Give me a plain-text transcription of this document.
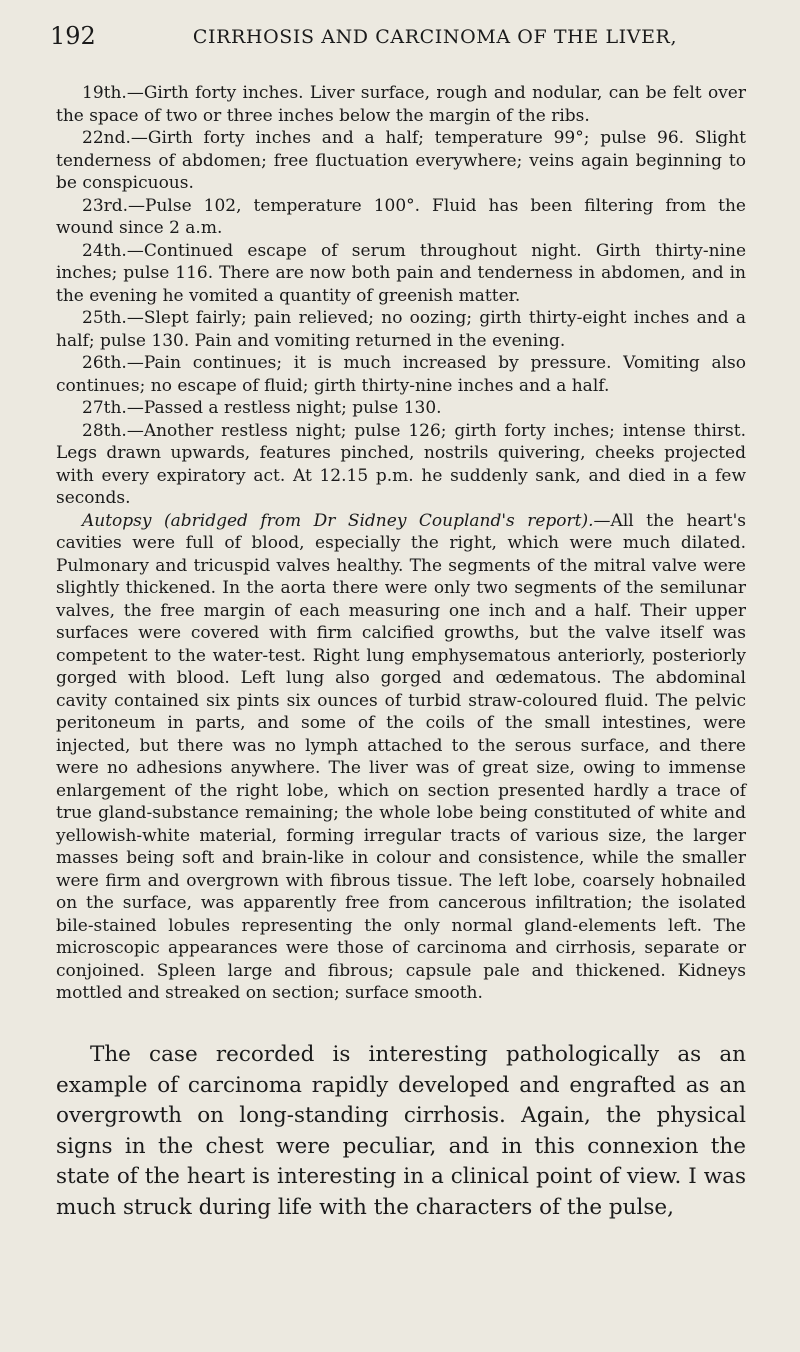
192	CIRRHOSIS AND CARCINOMA OF THE LIVER,

19th.—Girth forty inches. Liver surface, rough and nodular, can be felt over the space of two or three inches below the margin of the ribs.

22nd.—Girth forty inches and a half; temperature 99°; pulse 96. Slight tenderness of abdomen; free fluctuation everywhere; veins again beginning to be conspicuous.

23rd.—Pulse 102, temperature 100°. Fluid has been filtering from the wound since 2 a.m.

24th.—Continued escape of serum throughout night. Girth thirty-nine inches; pulse 116. There are now both pain and tenderness in abdomen, and in the evening he vomited a quantity of greenish matter.

25th.—Slept fairly; pain relieved; no oozing; girth thirty-eight inches and a half; pulse 130. Pain and vomiting returned in the evening.

26th.—Pain continues; it is much increased by pressure. Vomiting also continues; no escape of fluid; girth thirty-nine inches and a half.

27th.—Passed a restless night; pulse 130.

28th.—Another restless night; pulse 126; girth forty inches; intense thirst. Legs drawn upwards, features pinched, nostrils quivering, cheeks projected with every expiratory act. At 12.15 p.m. he suddenly sank, and died in a few seconds.

Autopsy (abridged from Dr Sidney Coupland's report).—All the heart's cavities were full of blood, especially the right, which were much dilated. Pulmonary and tricuspid valves healthy. The segments of the mitral valve were slightly thickened. In the aorta there were only two segments of the semilunar valves, the free margin of each measuring one inch and a half. Their upper surfaces were covered with firm calcified growths, but the valve itself was competent to the water-test. Right lung emphysematous anteriorly, posteriorly gorged with blood. Left lung also gorged and œdematous. The abdominal cavity contained six pints six ounces of turbid straw-coloured fluid. The pelvic peritoneum in parts, and some of the coils of the small intestines, were injected, but there was no lymph attached to the serous surface, and there were no adhesions anywhere. The liver was of great size, owing to immense enlargement of the right lobe, which on section presented hardly a trace of true gland-substance remaining; the whole lobe being constituted of white and yellowish-white material, forming irregular tracts of various size, the larger masses being soft and brain-like in colour and consistence, while the smaller were firm and overgrown with fibrous tissue. The left lobe, coarsely hobnailed on the surface, was apparently free from cancerous infiltration; the isolated bile-stained lobules representing the only normal gland-elements left. The microscopic appearances were those of carcinoma and cirrhosis, separate or conjoined. Spleen large and fibrous; capsule pale and thickened. Kidneys mottled and streaked on section; surface smooth.

The case recorded is interesting pathologically as an example of carcinoma rapidly developed and engrafted as an overgrowth on long-standing cirrhosis. Again, the physical signs in the chest were peculiar, and in this connexion the state of the heart is interesting in a clinical point of view. I was much struck during life with the characters of the pulse,
